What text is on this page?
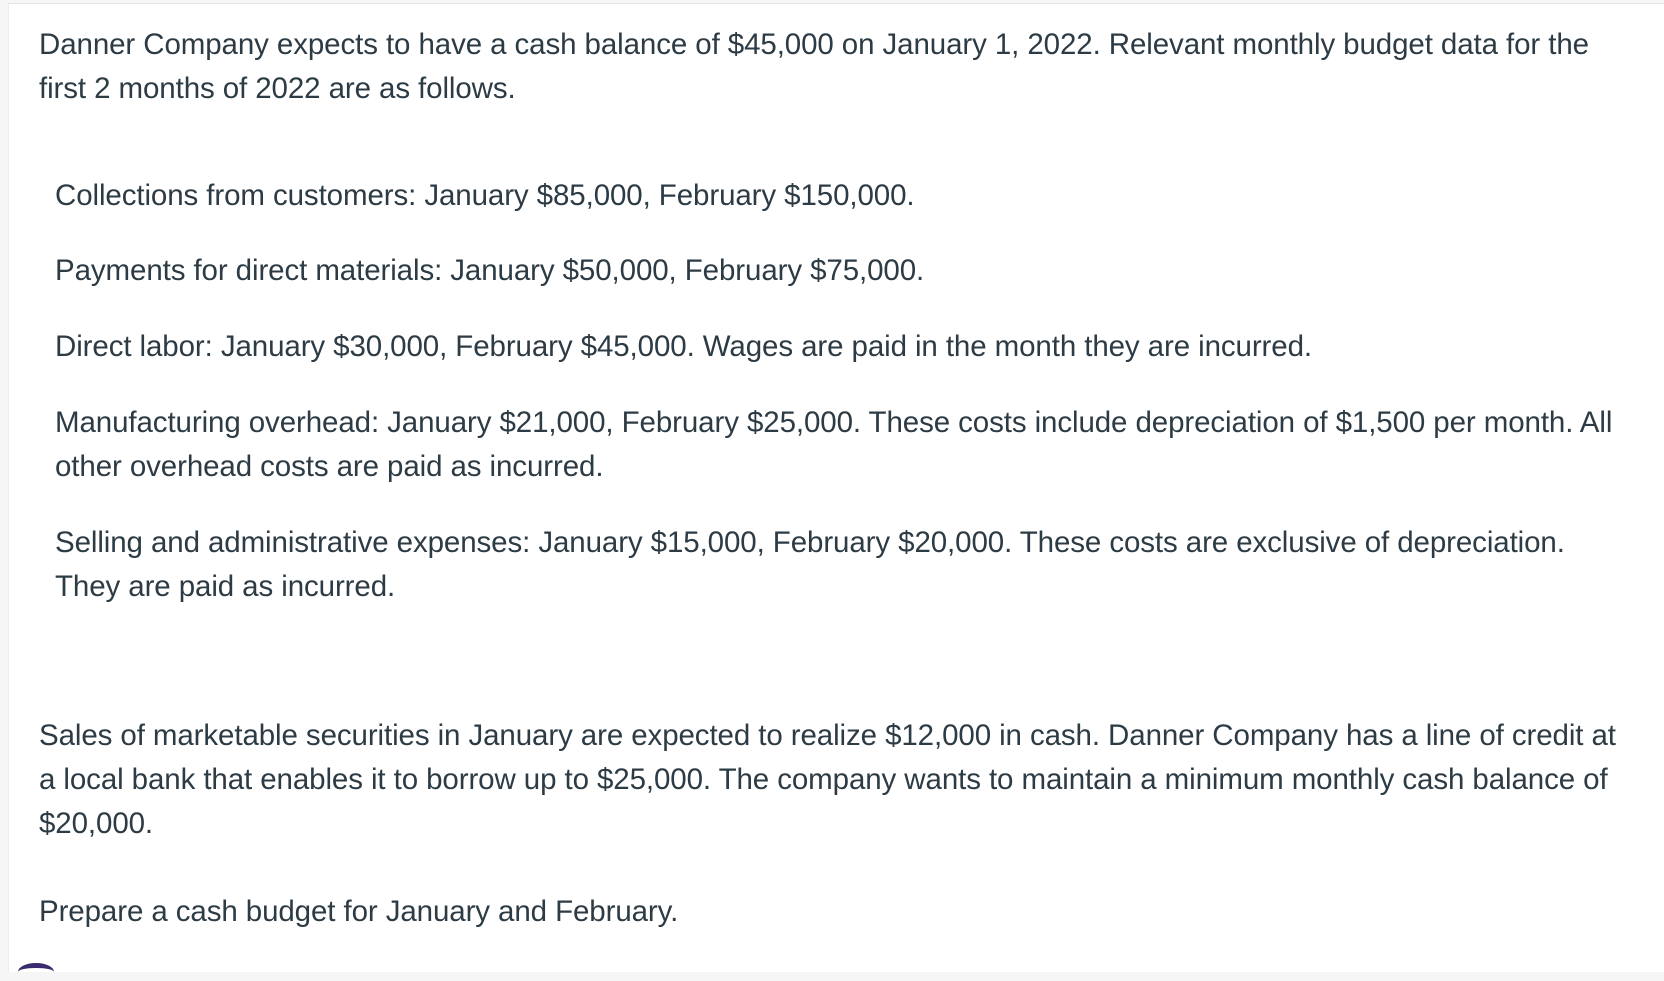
Danner Company expects to have a cash balance of $45,000 on January 1, 2022. Relevant monthly budget data for the first 2 months of 2022 are as follows.

Collections from customers: January $85,000, February $150,000.
Payments for direct materials: January $50,000, February $75,000.
Direct labor: January $30,000, February $45,000. Wages are paid in the month they are incurred.
Manufacturing overhead: January $21,000, February $25,000. These costs include depreciation of $1,500 per month. All other overhead costs are paid as incurred.
Selling and administrative expenses: January $15,000, February $20,000. These costs are exclusive of depreciation. They are paid as incurred.

Sales of marketable securities in January are expected to realize $12,000 in cash. Danner Company has a line of credit at a local bank that enables it to borrow up to $25,000. The company wants to maintain a minimum monthly cash balance of $20,000.

Prepare a cash budget for January and February.
